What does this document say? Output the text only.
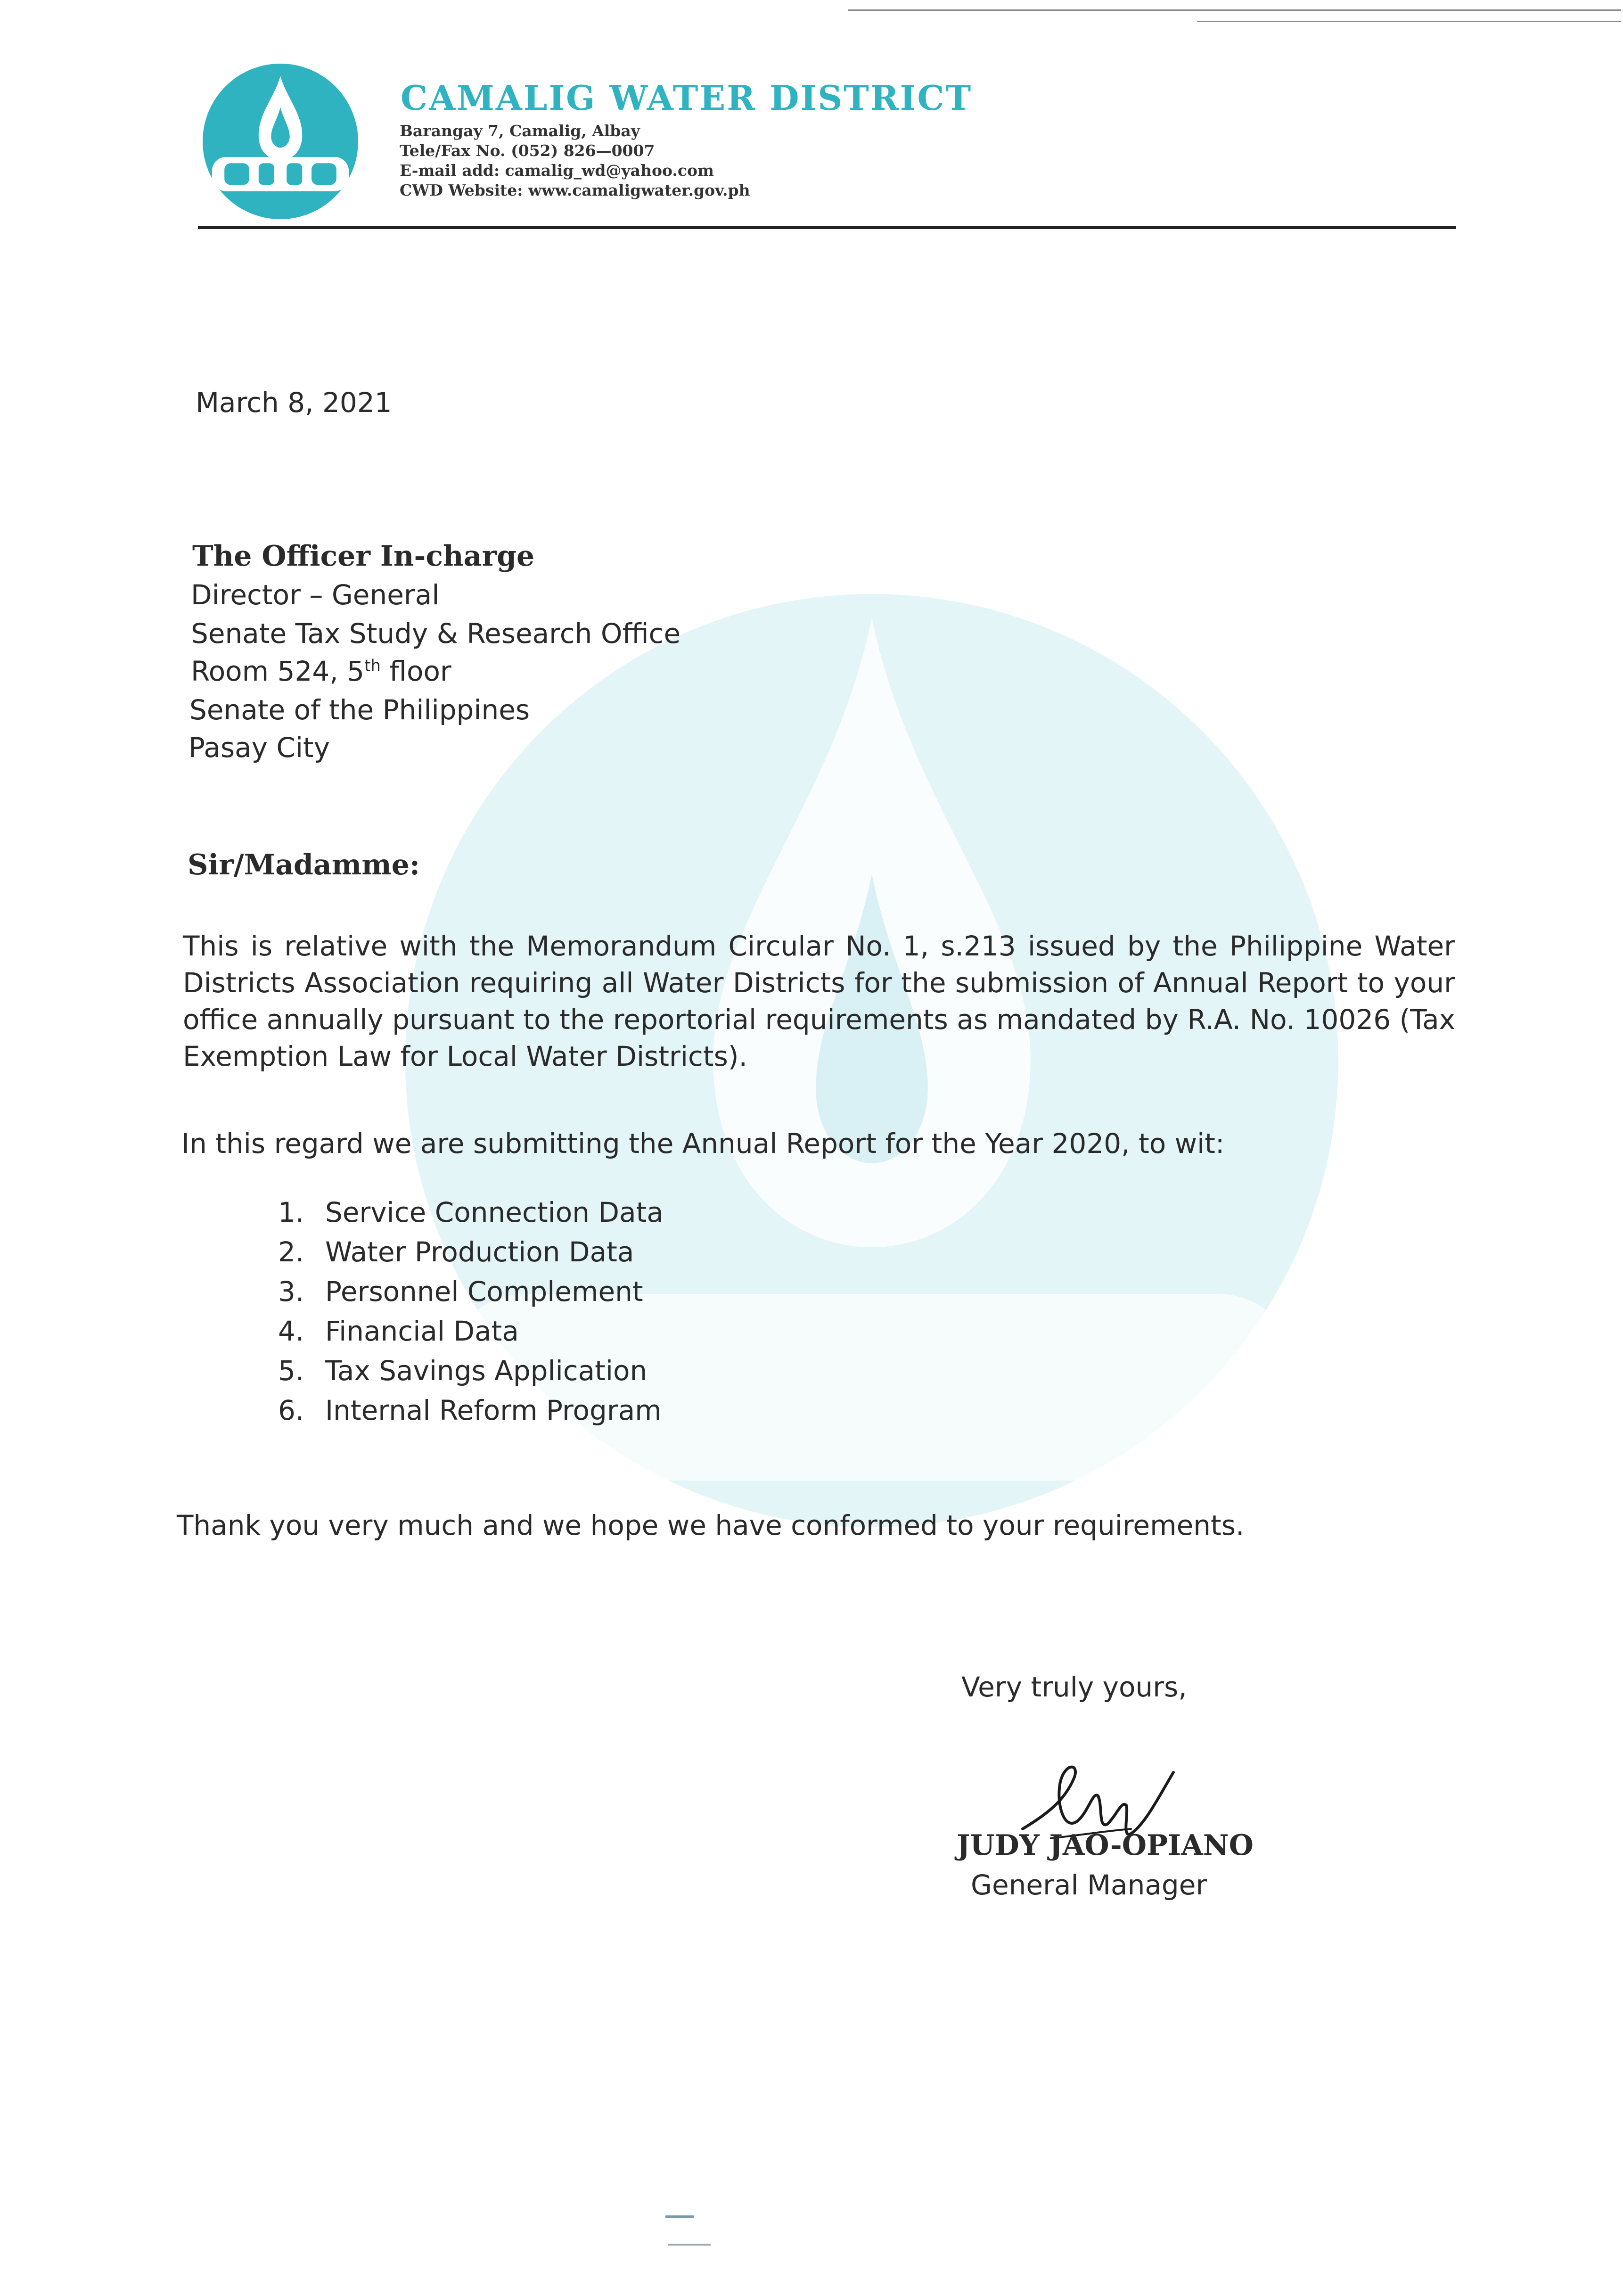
CAMALIG WATER DISTRICT
Barangay 7, Camalig, Albay
Tele/Fax No. (052) 826—0007
E-mail add: camalig_wd@yahoo.com
CWD Website: www.camaligwater.gov.ph
March 8, 2021
The Officer In-charge
Director – General
Senate Tax Study & Research Office
Room 524, 5th floor
Senate of the Philippines
Pasay City
Sir/Madamme:
This is relative with the Memorandum Circular No. 1, s.213 issued by the Philippine Water Districts Association requiring all Water Districts for the submission of Annual Report to your office annually pursuant to the reportorial requirements as mandated by R.A. No. 10026 (Tax Exemption Law for Local Water Districts).
In this regard we are submitting the Annual Report for the Year 2020, to wit:
1. Service Connection Data
2. Water Production Data
3. Personnel Complement
4. Financial Data
5. Tax Savings Application
6. Internal Reform Program
Thank you very much and we hope we have conformed to your requirements.
Very truly yours,
JUDY JAO-OPIANO
General Manager
